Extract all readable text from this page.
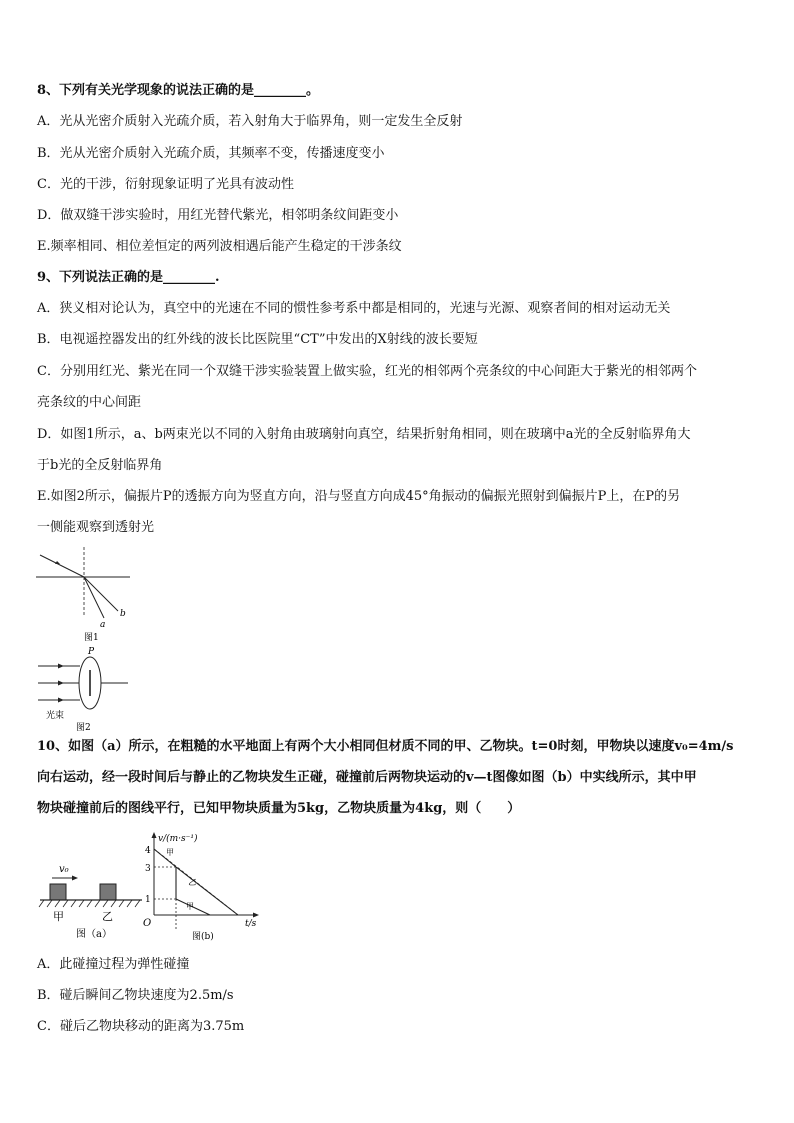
8、下列有关光学现象的说法正确的是________。
A．光从光密介质射入光疏介质，若入射角大于临界角，则一定发生全反射
B．光从光密介质射入光疏介质，其频率不变，传播速度变小
C．光的干涉，衍射现象证明了光具有波动性
D．做双缝干涉实验时，用红光替代紫光，相邻明条纹间距变小
E.频率相同、相位差恒定的两列波相遇后能产生稳定的干涉条纹
9、下列说法正确的是________.
A．狭义相对论认为，真空中的光速在不同的惯性参考系中都是相同的，光速与光源、观察者间的相对运动无关
B．电视遥控器发出的红外线的波长比医院里“CT”中发出的X射线的波长要短
C．分别用红光、紫光在同一个双缝干涉实验装置上做实验，红光的相邻两个亮条纹的中心间距大于紫光的相邻两个
亮条纹的中心间距
D．如图1所示，a、b两束光以不同的入射角由玻璃射向真空，结果折射角相同，则在玻璃中a光的全反射临界角大
于b光的全反射临界角
E.如图2所示，偏振片P的透振方向为竖直方向，沿与竖直方向成45°角振动的偏振光照射到偏振片P上，在P的另
一侧能观察到透射光
a
b
图1
P
光束
图2
10、如图（a）所示，在粗糙的水平地面上有两个大小相同但材质不同的甲、乙物块。t=0时刻，甲物块以速度v₀=4m/s
向右运动，经一段时间后与静止的乙物块发生正碰，碰撞前后两物块运动的v—t图像如图（b）中实线所示，其中甲
物块碰撞前后的图线平行，已知甲物块质量为5kg，乙物块质量为4kg，则（　　）
v₀
甲	乙
图（a）
v/(m·s⁻¹)
t/s
O
4
3
1
甲
乙
甲
图(b)
A．此碰撞过程为弹性碰撞
B．碰后瞬间乙物块速度为2.5m/s
C．碰后乙物块移动的距离为3.75m
